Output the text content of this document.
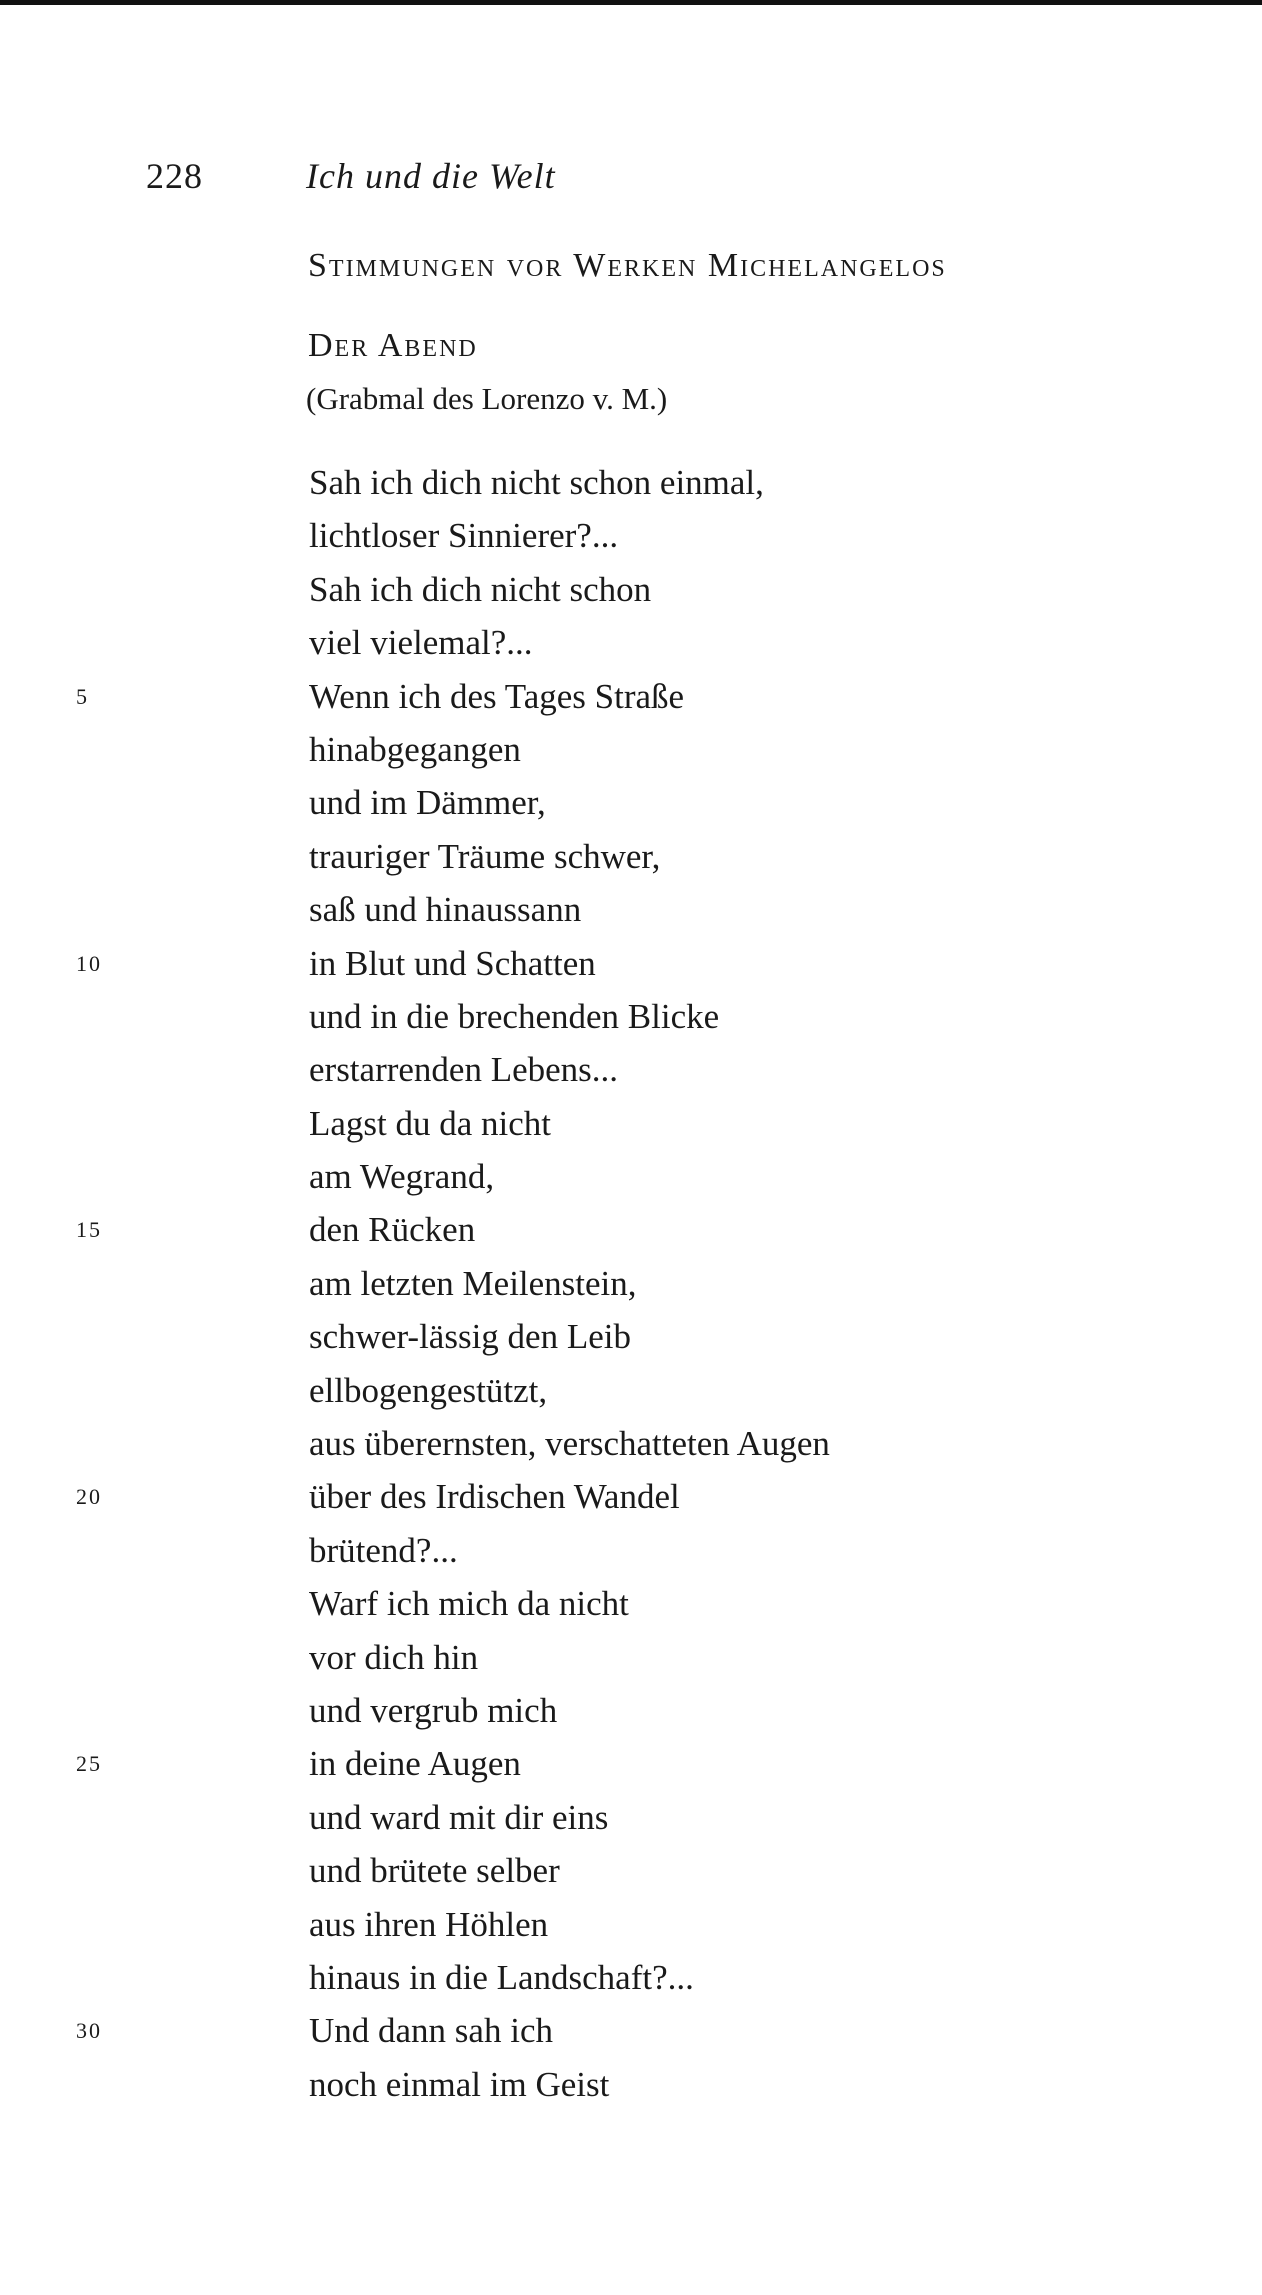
228	Ich und die Welt
Stimmungen vor Werken Michelangelos
Der Abend
(Grabmal des Lorenzo v. M.)
Sah ich dich nicht schon einmal,
lichtloser Sinnierer?...
Sah ich dich nicht schon
viel vielemal?...
5	Wenn ich des Tages Straße
hinabgegangen
und im Dämmer,
trauriger Träume schwer,
saß und hinaussann
10	in Blut und Schatten
und in die brechenden Blicke
erstarrenden Lebens...
Lagst du da nicht
am Wegrand,
15	den Rücken
am letzten Meilenstein,
schwer-lässig den Leib
ellbogengestützt,
aus überernsten, verschatteten Augen
20	über des Irdischen Wandel
brütend?...
Warf ich mich da nicht
vor dich hin
und vergrub mich
25	in deine Augen
und ward mit dir eins
und brütete selber
aus ihren Höhlen
hinaus in die Landschaft?...
30	Und dann sah ich
noch einmal im Geist
